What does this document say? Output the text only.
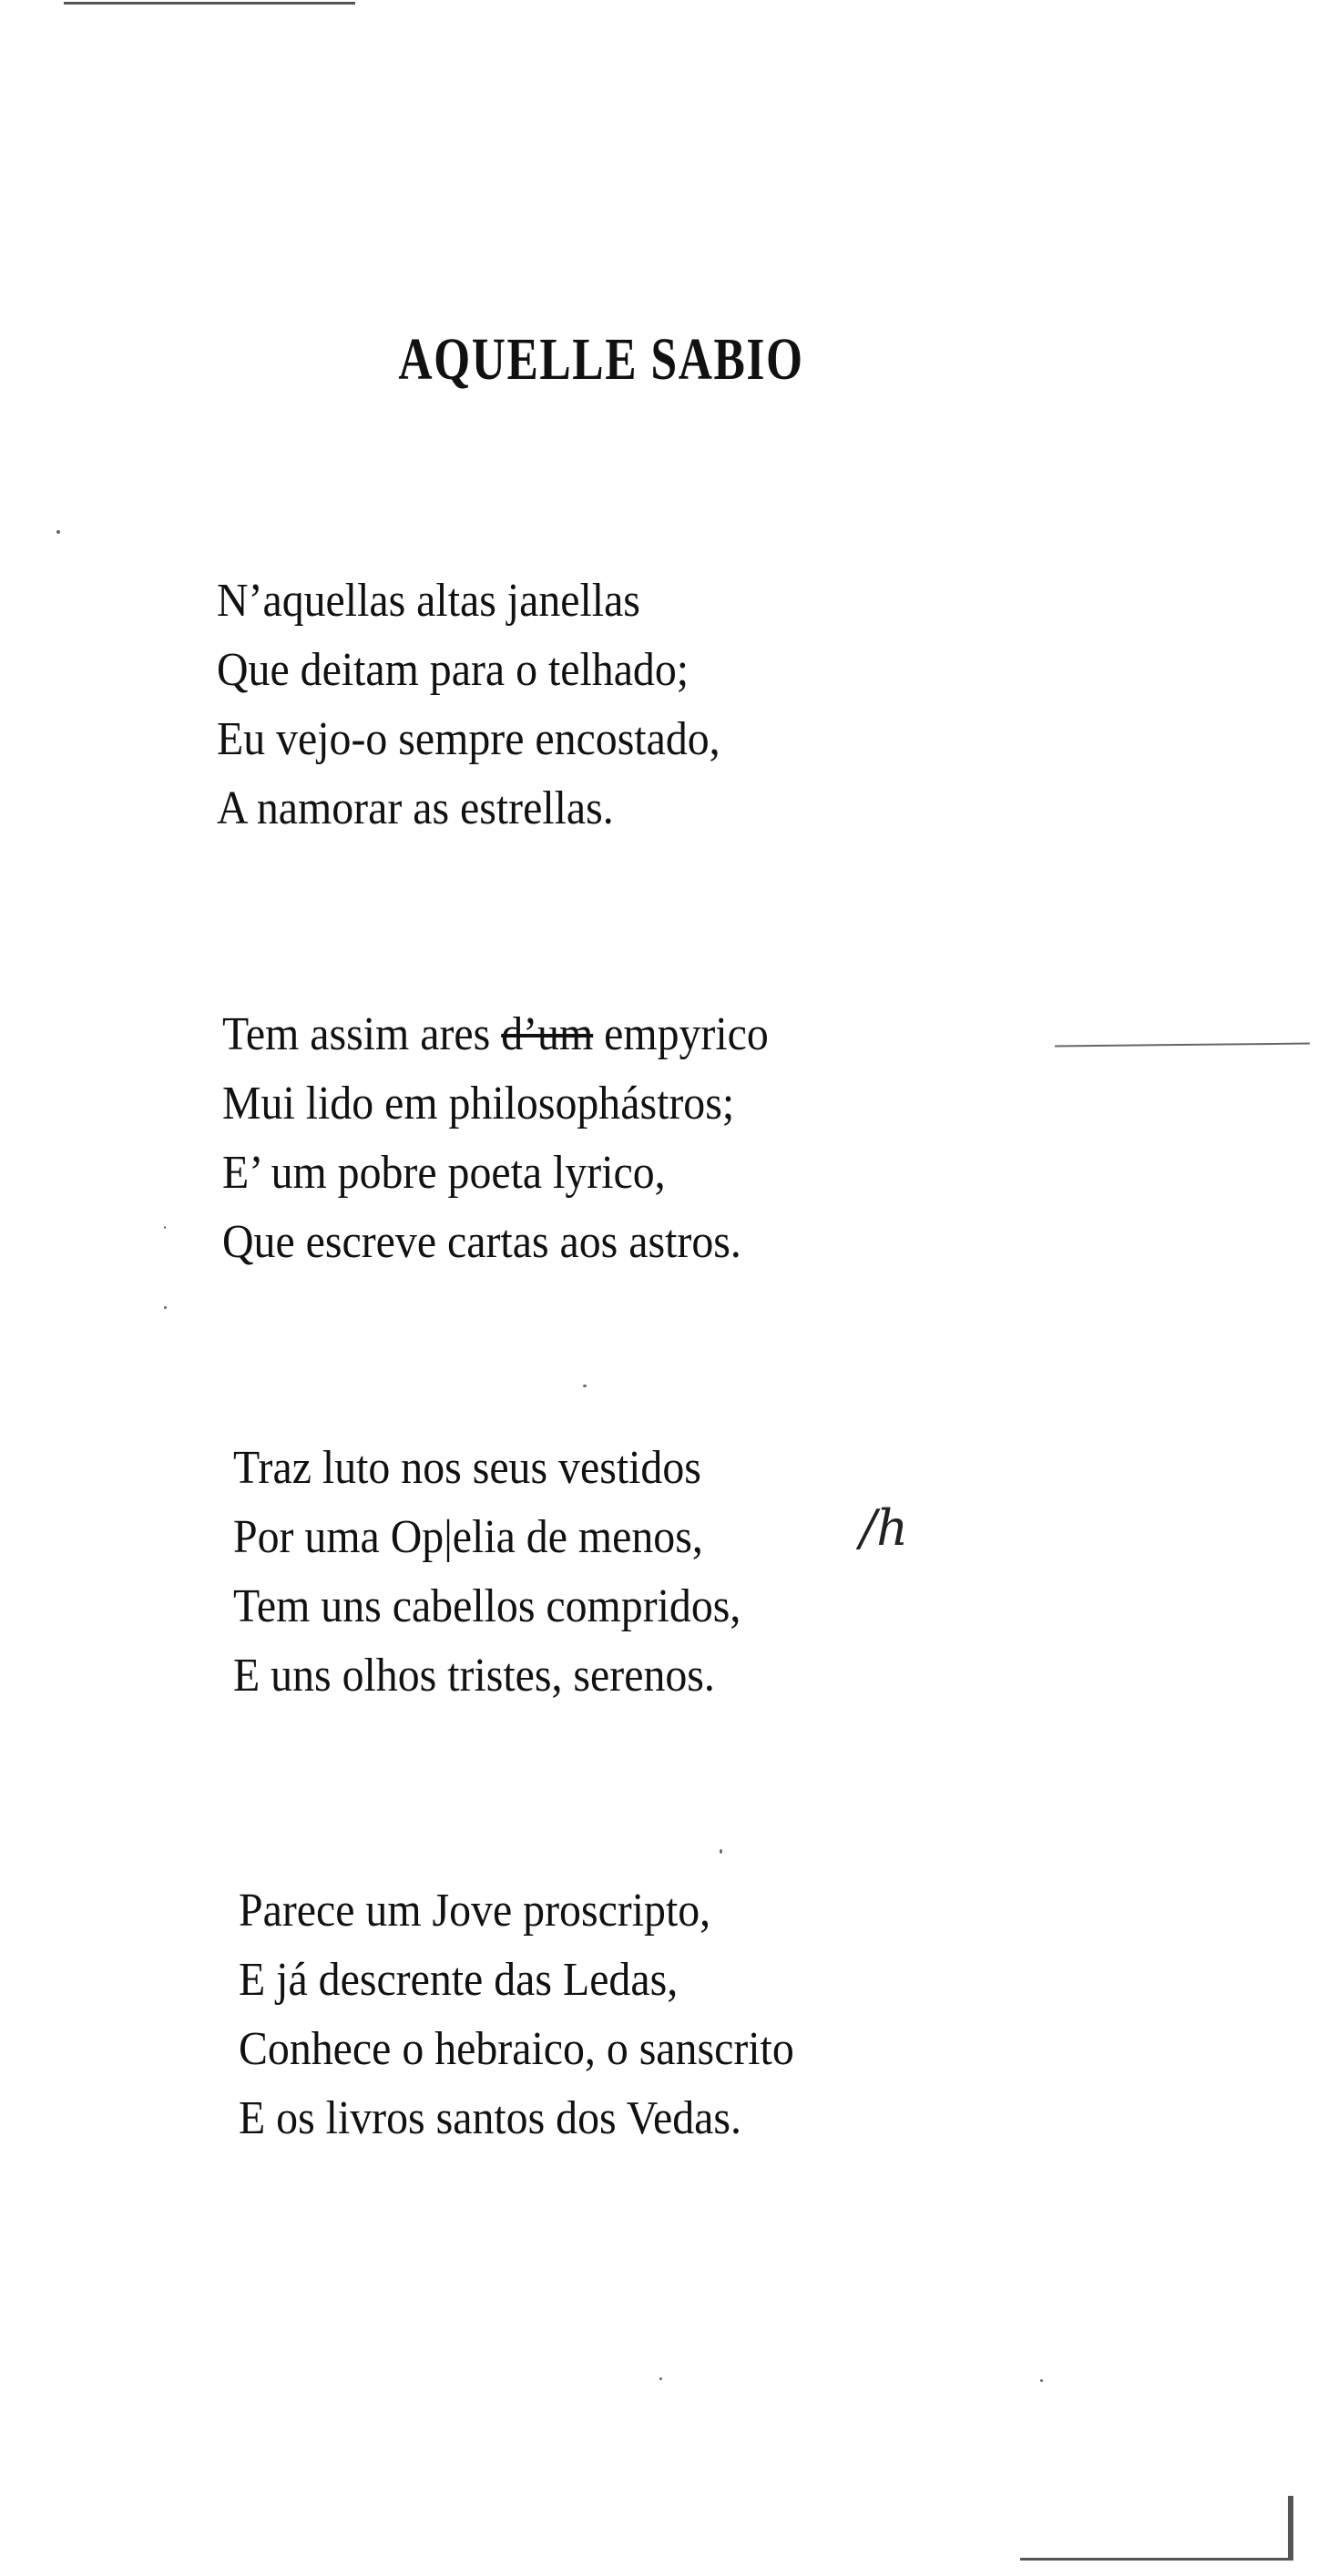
AQUELLE SABIO
N’aquellas altas janellas
Que deitam para o telhado;
Eu vejo-o sempre encostado,
A namorar as estrellas.
Tem assim ares d’um empyrico
Mui lido em philosophástros;
E’ um pobre poeta lyrico,
Que escreve cartas aos astros.
Traz luto nos seus vestidos
Por uma Op|elia de menos,
Tem uns cabellos compridos,
E uns olhos tristes, serenos.
/h
Parece um Jove proscripto,
E já descrente das Ledas,
Conhece o hebraico, o sanscrito
E os livros santos dos Vedas.
